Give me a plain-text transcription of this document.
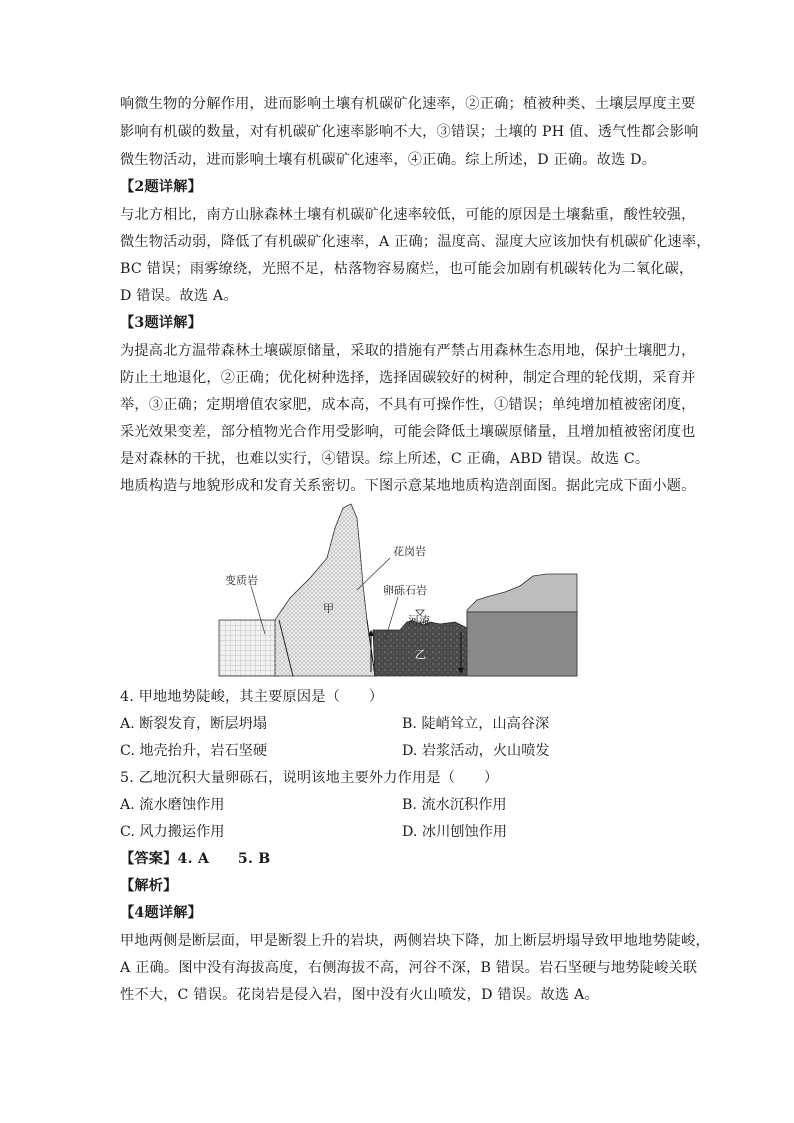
响微生物的分解作用，进而影响土壤有机碳矿化速率，②正确；植被种类、土壤层厚度主要
影响有机碳的数量，对有机碳矿化速率影响不大，③错误；土壤的 PH 值、透气性都会影响
微生物活动，进而影响土壤有机碳矿化速率，④正确。综上所述，D 正确。故选 D。
【2题详解】
与北方相比，南方山脉森林土壤有机碳矿化速率较低，可能的原因是土壤黏重，酸性较强，
微生物活动弱，降低了有机碳矿化速率，A 正确；温度高、湿度大应该加快有机碳矿化速率，
BC 错误；雨雾缭绕，光照不足，枯落物容易腐烂，也可能会加剧有机碳转化为二氧化碳，
D 错误。故选 A。
【3题详解】
为提高北方温带森林土壤碳原储量，采取的措施有严禁占用森林生态用地，保护土壤肥力，
防止土地退化，②正确；优化树种选择，选择固碳较好的树种，制定合理的轮伐期，采育并
举，③正确；定期增值农家肥，成本高，不具有可操作性，①错误；单纯增加植被密闭度，
采光效果变差，部分植物光合作用受影响，可能会降低土壤碳原储量，且增加植被密闭度也
是对森林的干扰，也难以实行，④错误。综上所述，C 正确，ABD 错误。故选 C。
地质构造与地貌形成和发育关系密切。下图示意某地地质构造剖面图。据此完成下面小题。
花岗岩
变质岩
卵砾石岩
河流
甲
乙
4. 甲地地势陡峻，其主要原因是（　　）
A. 断裂发育，断层坍塌	B. 陡峭耸立，山高谷深
C. 地壳抬升，岩石坚硬	D. 岩浆活动，火山喷发
5. 乙地沉积大量卵砾石，说明该地主要外力作用是（　　）
A. 流水磨蚀作用	B. 流水沉积作用
C. 风力搬运作用	D. 冰川刨蚀作用
【答案】4. A　　5. B
【解析】
【4题详解】
甲地两侧是断层面，甲是断裂上升的岩块，两侧岩块下降，加上断层坍塌导致甲地地势陡峻，
A 正确。图中没有海拔高度，右侧海拔不高，河谷不深，B 错误。岩石坚硬与地势陡峻关联
性不大，C 错误。花岗岩是侵入岩，图中没有火山喷发，D 错误。故选 A。
